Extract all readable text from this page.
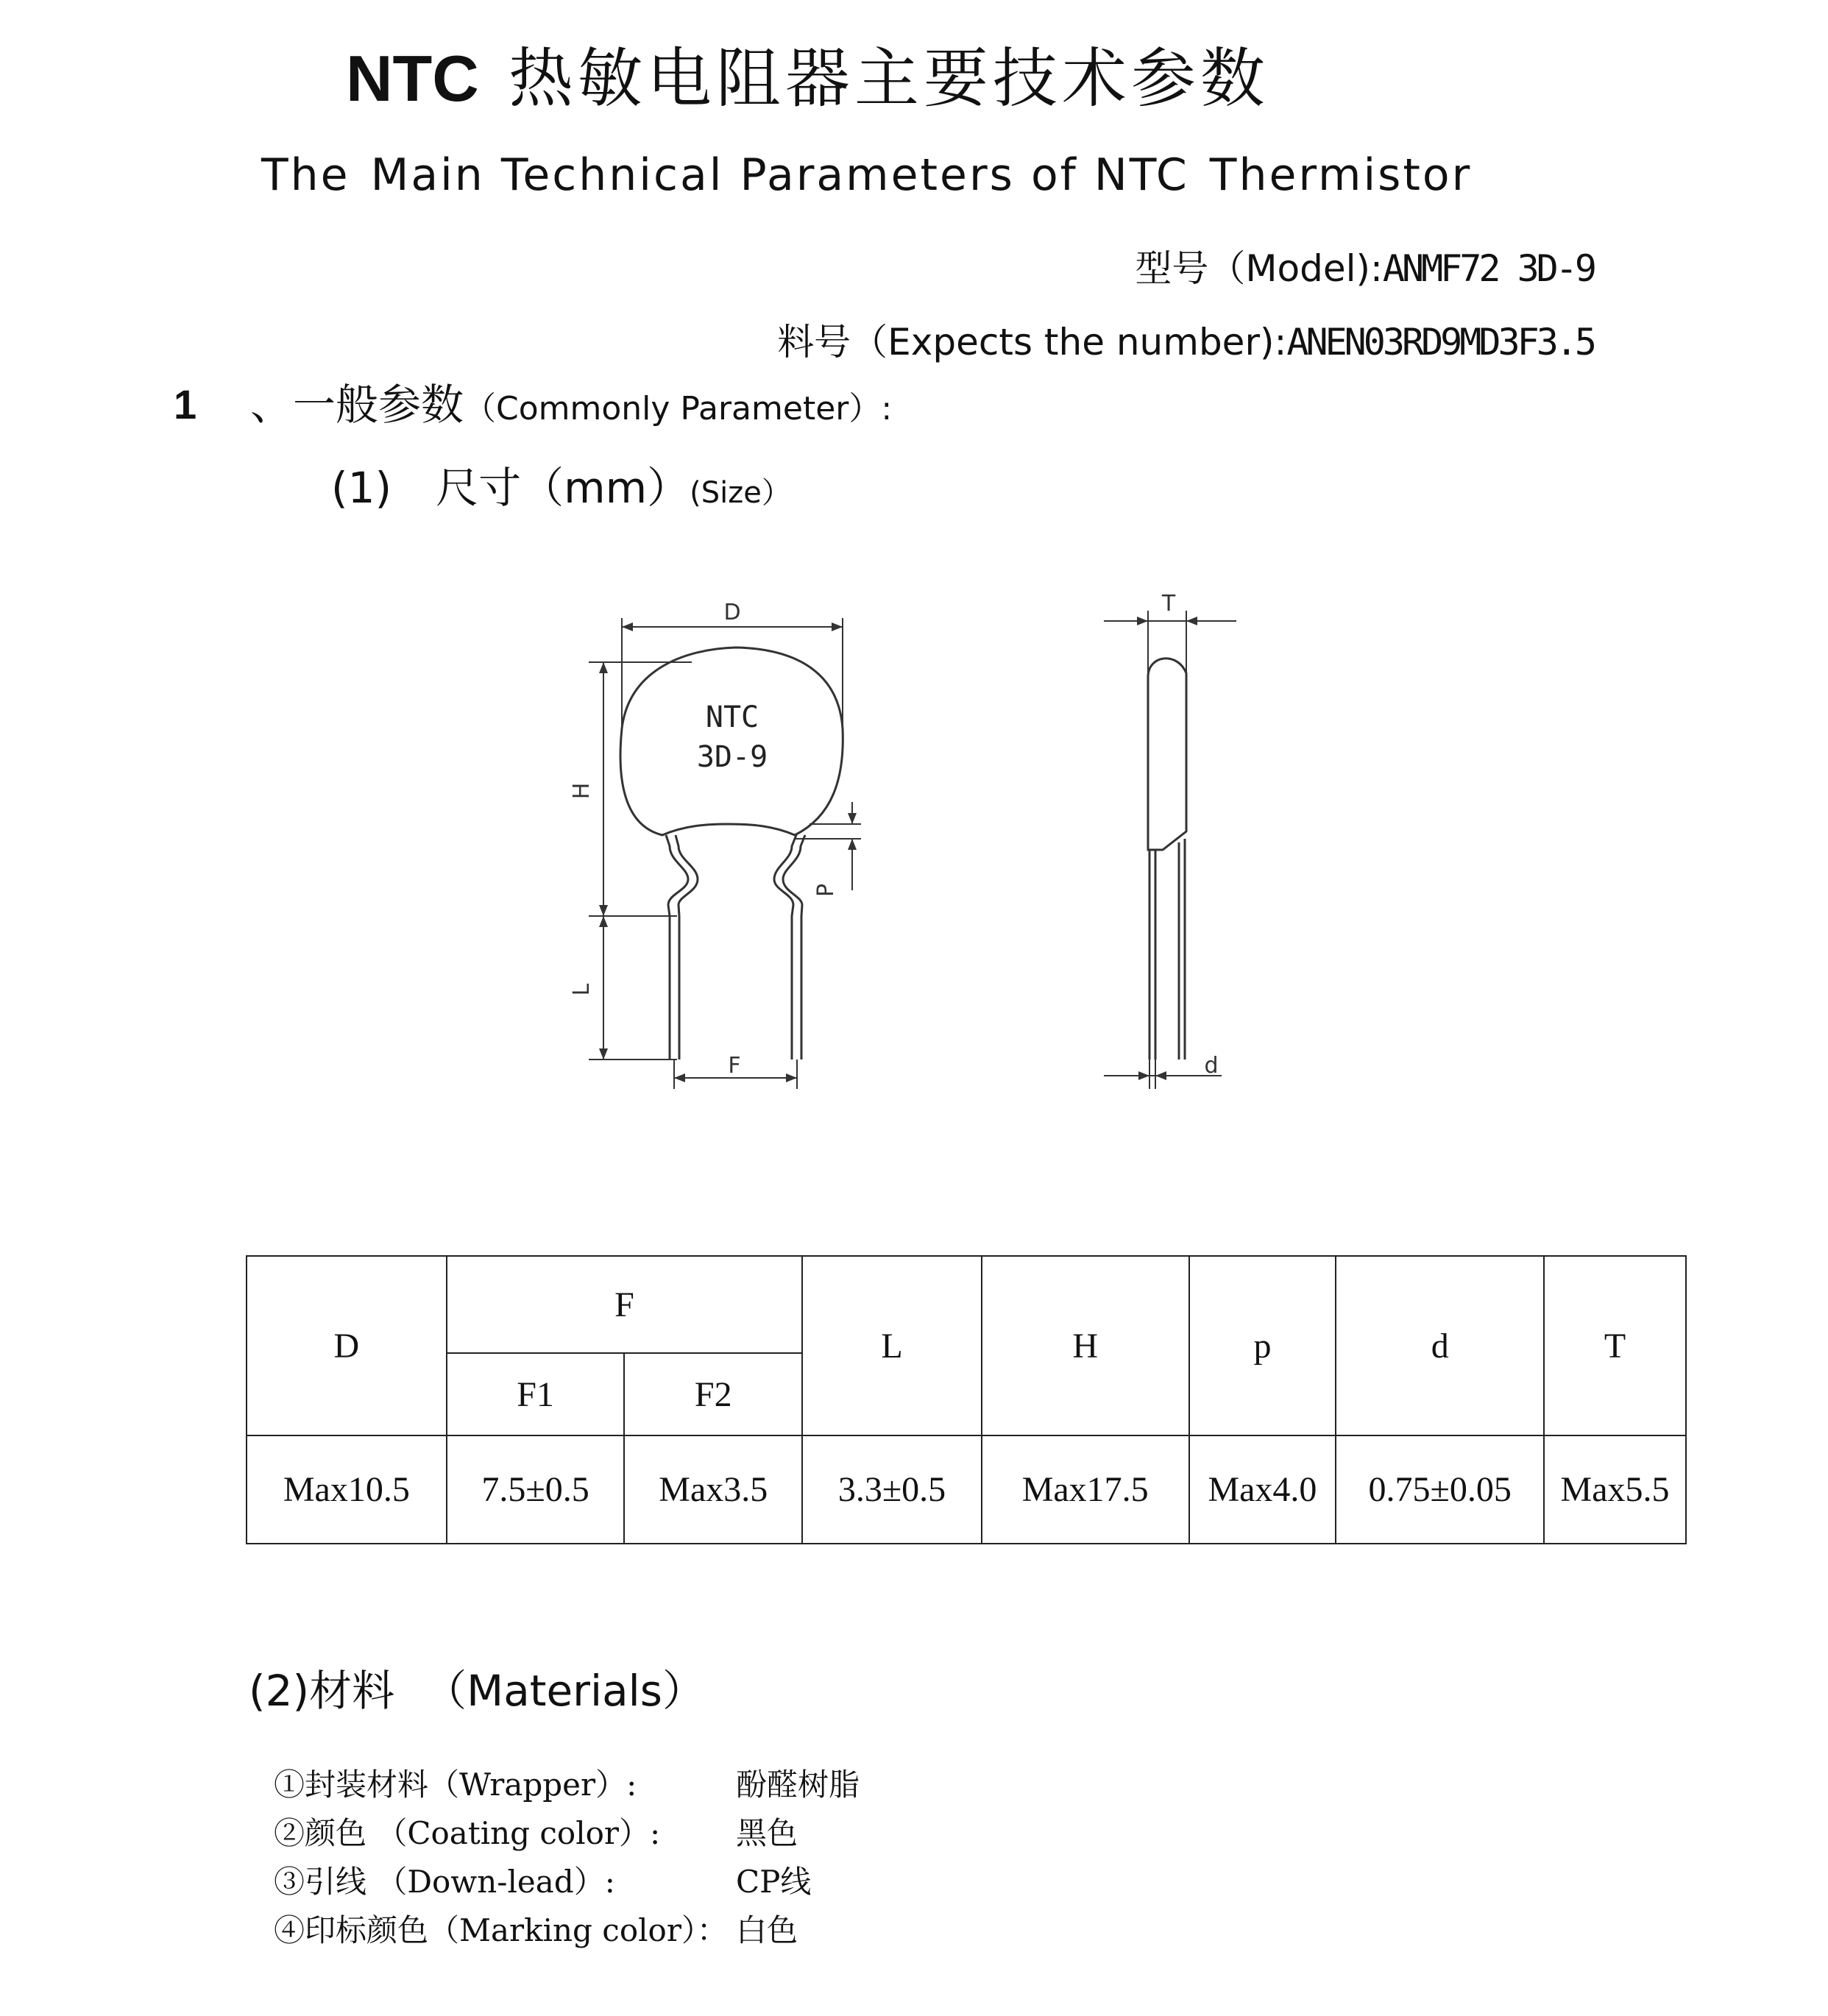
NTC 热敏电阻器主要技术参数
The Main Technical Parameters of NTC Thermistor
型号（Model):ANMF72 3D-9
料号（Expects the number):ANEN03RD9MD3F3.5
1 、一般参数（Commonly Parameter）:
(1) 尺寸（mm）(Size）
NTC
3D-9
D
H
L
F
P
T
d
D	F		L	H	p	d	T
	F1	F2					
Max10.5	7.5±0.5	Max3.5	3.3±0.5	Max17.5	Max4.0	0.75±0.05	Max5.5
(2)材料 （Materials）
①封装材料（Wrapper）:	酚醛树脂
②颜色 （Coating color）: 黑色
③引线 （Down-lead）:	CP线
④印标颜色（Marking color）： 白色
